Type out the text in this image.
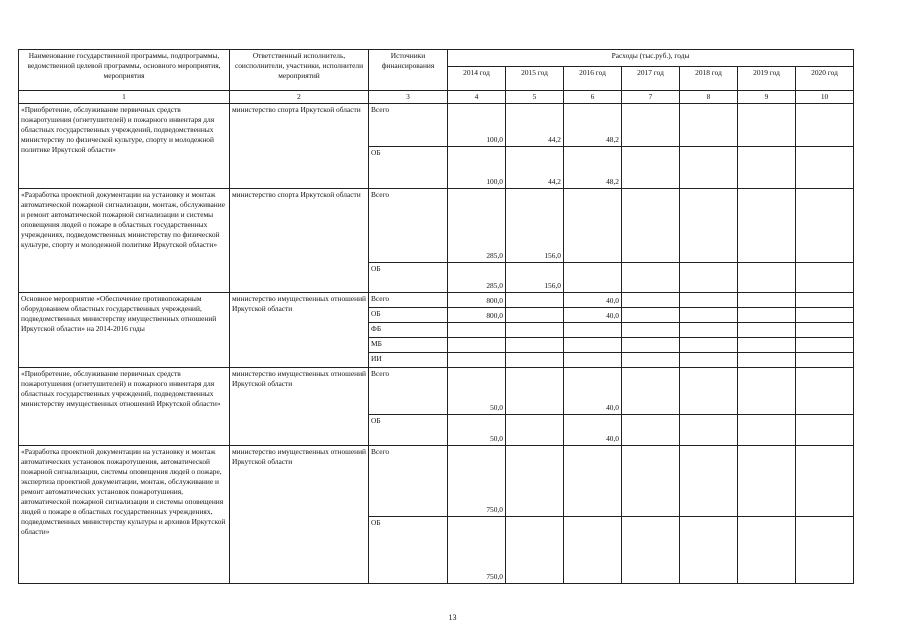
Наименование государственной программы, подпрограммы, ведомственной целевой программы, основного мероприятия, мероприятия	Ответственный исполнитель, соисполнители, участники, исполнители мероприятий	Источники финансирования	Расходы (тыс.руб.), годы						
			2014 год	2015 год	2016 год	2017 год	2018 год	2019 год	2020 год
1	2	3	4	5	6	7	8	9	10
«Приобретение, обслуживание первичных средств пожаротушения (огнетушителей) и пожарного инвентаря для областных государственных учреждений, подведомственных министерству по физической культуре, спорту и молодежной политике Иркутской области»	министерство спорта Иркутской области	Всего	100,0	44,2	48,2				
		ОБ	100,0	44,2	48,2				
«Разработка проектной документации на установку и монтаж автоматической пожарной сигнализации, монтаж, обслуживание и ремонт автоматической пожарной сигнализации и системы оповещения людей о пожаре в областных государственных учреждениях, подведомственных министерству по физической культуре, спорту и молодежной политике Иркутской области»	министерство спорта Иркутской области	Всего	285,0	156,0					
		ОБ	285,0	156,0					
Основное мероприятие «Обеспечение противопожарным оборудованием областных государственных учреждений, подведомственных министерству имущественных отношений Иркутской области» на 2014-2016 годы	министерство имущественных отношений Иркутской области	Всего	800,0		40,0				
		ОБ	800,0		40,0				
		ФБ							
		МБ							
		ИИ							
«Приобретение, обслуживание первичных средств пожаротушения (огнетушителей) и пожарного инвентаря для областных государственных учреждений, подведомственных министерству имущественных отношений Иркутской области»	министерство имущественных отношений Иркутской области	Всего	50,0		40,0				
		ОБ	50,0		40,0				
«Разработка проектной документации на установку и монтаж автоматических установок пожаротушения, автоматической пожарной сигнализации, системы оповещения людей о пожаре, экспертиза проектной документации, монтаж, обслуживание и ремонт автоматических установок пожаротушения, автоматической пожарной сигнализации и системы оповещения людей о пожаре в областных государственных учреждениях, подведомственных министерству культуры и архивов Иркутской области»	министерство имущественных отношений Иркутской области	Всего	750,0						
		ОБ	750,0						
13
